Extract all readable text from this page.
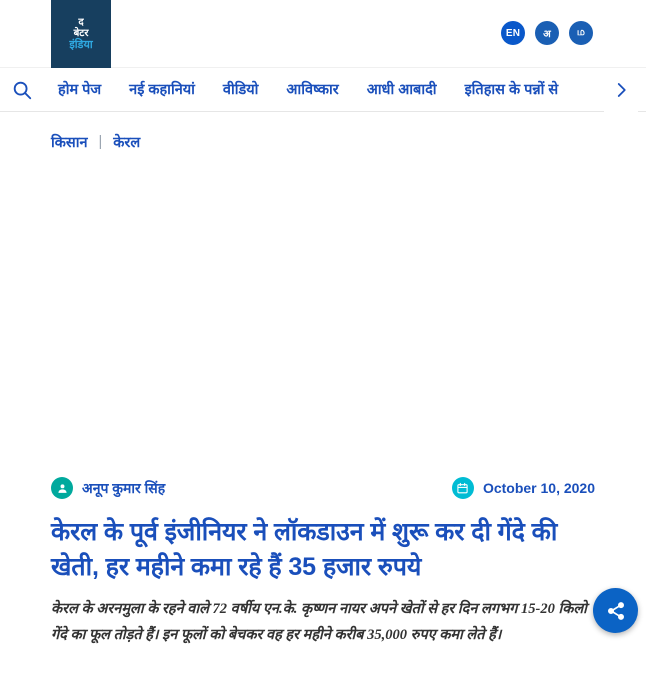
द
बेटर
इंडिया
EN	अ	ம
होम पेज	नई कहानियां	वीडियो	आविष्कार	आधी आबादी	इतिहास के पन्नों से
किसान | केरल
अनूप कुमार सिंह	October 10, 2020
केरल के पूर्व इंजीनियर ने लॉकडाउन में शुरू कर दी गेंदे की खेती, हर महीने कमा रहे हैं 35 हजार रुपये

केरल के अरनमुला के रहने वाले 72 वर्षीय एन.के. कृष्णन नायर अपने खेतों से हर दिन लगभग 15-20 किलो गेंदे का फूल तोड़ते हैं। इन फूलों को बेचकर वह हर महीने करीब 35,000 रुपए कमा लेते हैं।
